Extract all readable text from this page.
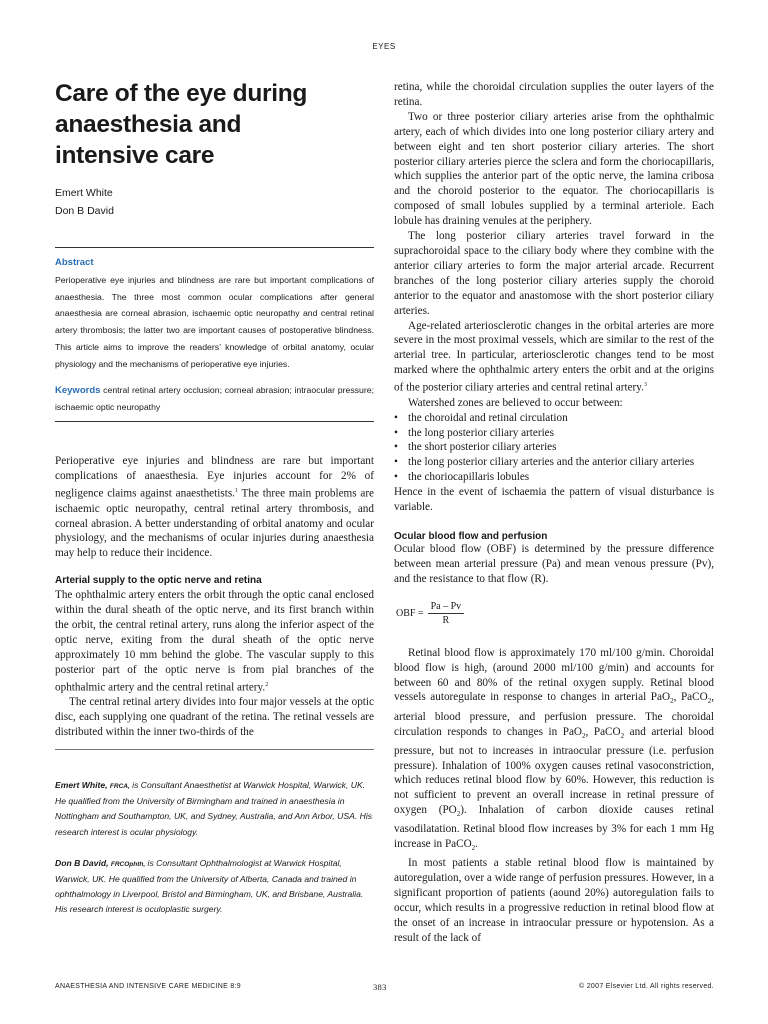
EYES
Care of the eye during
anaesthesia and
intensive care

Emert White

Don B David

Abstract
Perioperative eye injuries and blindness are rare but important complications of anaesthesia. The three most common ocular complications after general anaesthesia are corneal abrasion, ischaemic optic neuropathy and central retinal artery thrombosis; the latter two are important causes of postoperative blindness. This article aims to improve the readers’ knowledge of orbital anatomy, ocular physiology and the mechanisms of perioperative eye injuries.
Keywords central retinal artery occlusion; corneal abrasion; intraocular pressure; ischaemic optic neuropathy

Perioperative eye injuries and blindness are rare but important complications of anaesthesia. Eye injuries account for 2% of negligence claims against anaesthetists.$^1$ The three main problems are ischaemic optic neuropathy, central retinal artery thrombosis, and corneal abrasion. A better understanding of orbital anatomy and ocular physiology, and the mechanisms of ocular injuries during anaesthesia may help to reduce their incidence.

Arterial supply to the optic nerve and retina

The ophthalmic artery enters the orbit through the optic canal enclosed within the dural sheath of the optic nerve, and its first branch within the orbit, the central retinal artery, runs along the inferior aspect of the optic nerve, exiting from the dural sheath of the optic nerve approximately 10 mm behind the globe. The vascular supply to this posterior part of the optic nerve is from pial branches of the ophthalmic artery and the central retinal artery.$^2$

The central retinal artery divides into four major vessels at the optic disc, each supplying one quadrant of the retina. The retinal vessels are distributed within the inner two-thirds of the

Emert White, FRCA, is Consultant Anaesthetist at Warwick Hospital, Warwick, UK. He qualified from the University of Birmingham and trained in anaesthesia in Nottingham and Southampton, UK, and Sydney, Australia, and Ann Arbor, USA. His research interest is ocular physiology.

Don B David, FRCOphth, is Consultant Ophthalmologist at Warwick Hospital, Warwick, UK. He qualified from the University of Alberta, Canada and trained in ophthalmology in Liverpool, Bristol and Birmingham, UK, and Brisbane, Australia. His research interest is oculoplastic surgery.

retina, while the choroidal circulation supplies the outer layers of the retina.

Two or three posterior ciliary arteries arise from the ophthalmic artery, each of which divides into one long posterior ciliary artery and between eight and ten short posterior ciliary arteries. The short posterior ciliary arteries pierce the sclera and form the choriocapillaris, which supplies the anterior part of the optic nerve, the lamina cribosa and the choroid posterior to the equator. The choriocapillaris is composed of small lobules supplied by a terminal arteriole. Each lobule has draining venules at the periphery.

The long posterior ciliary arteries travel forward in the suprachoroidal space to the ciliary body where they combine with the anterior ciliary arteries to form the major arterial arcade. Recurrent branches of the long posterior ciliary arteries supply the choroid anterior to the equator and anastomose with the short posterior ciliary arteries.

Age-related arteriosclerotic changes in the orbital arteries are more severe in the most proximal vessels, which are similar to the rest of the arterial tree. In particular, arteriosclerotic changes tend to be most marked where the ophthalmic artery enters the orbit and at the origins of the posterior ciliary arteries and central retinal artery.$^3$

Watershed zones are believed to occur between:

• the choroidal and retinal circulation
• the long posterior ciliary arteries
• the short posterior ciliary arteries
• the long posterior ciliary arteries and the anterior ciliary arteries
• the choriocapillaris lobules

Hence in the event of ischaemia the pattern of visual disturbance is variable.

Ocular blood flow and perfusion

Ocular blood flow (OBF) is determined by the pressure difference between mean arterial pressure (Pa) and mean venous pressure (Pv), and the resistance to that flow (R).

OBF = $\frac{Pa - Pv}{R}$

Retinal blood flow is approximately 170 ml/100 g/min. Choroidal blood flow is high, (around 2000 ml/100 g/min) and accounts for between 60 and 80% of the retinal oxygen supply. Retinal blood vessels autoregulate in response to changes in arterial PaO$_2$, PaCO$_2$, arterial blood pressure, and perfusion pressure. The choroidal circulation responds to changes in PaO$_2$, PaCO$_2$ and arterial blood pressure, but not to increases in intraocular pressure (i.e. perfusion pressure). Inhalation of 100% oxygen causes retinal vasoconstriction, which reduces retinal blood flow by 60%. However, this reduction is not sufficient to prevent an overall increase in retinal pressure of oxygen $(PO_2)$. Inhalation of carbon dioxide causes retinal vasodilatation. Retinal blood flow increases by 3% for each 1 mm Hg increase in PaCO$_2$.

In most patients a stable retinal blood flow is maintained by autoregulation, over a wide range of perfusion pressures. However, in a significant proportion of patients (aound 20%) autoregulation fails to occur, which results in a progressive reduction in retinal blood flow at the onset of an increase in intraocular pressure or hypotension. As a result of the lack of

ANAESTHESIA AND INTENSIVE CARE MEDICINE 8:9	383	© 2007 Elsevier Ltd. All rights reserved.
